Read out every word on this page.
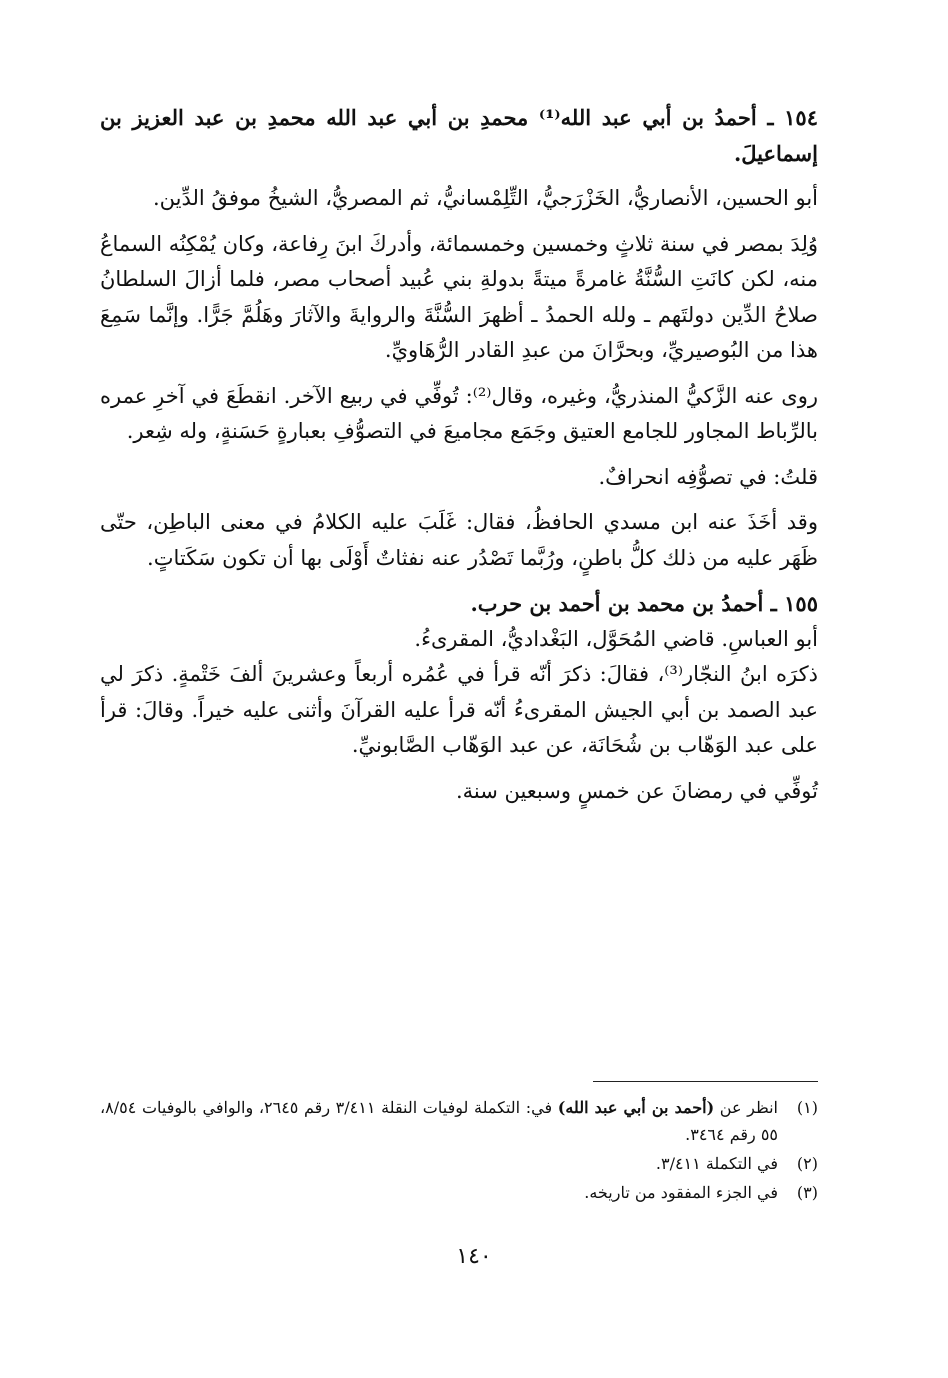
١٥٤ ـ أحمدُ بن أبي عبد الله⁽¹⁾ محمدِ بن أبي عبد الله محمدِ بن عبد العزيز بن إسماعيلَ.

أبو الحسين، الأنصاريُّ، الخَزْرَجيُّ، التِّلِمْسانيُّ، ثم المصريُّ، الشيخُ موفقُ الدِّين.

وُلِدَ بمصر في سنة ثلاثٍ وخمسين وخمسمائة، وأدركَ ابنَ رِفاعة، وكان يُمْكِنُه السماعُ منه، لكن كانَتِ السُّنَّةُ غامرةً ميتةً بدولةِ بني عُبيد أصحاب مصر، فلما أزالَ السلطانُ صلاحُ الدِّين دولتَهم ـ ولله الحمدُ ـ أظهرَ السُّنَّةَ والروايةَ والآثارَ وهَلُمَّ جَرًّا. وإنَّما سَمِعَ هذا من البُوصيريِّ، وبحرَّانَ من عبدِ القادر الرُّهَاويِّ.

روى عنه الزَّكيُّ المنذريُّ، وغيره، وقال⁽²⁾: تُوفِّي في ربيع الآخر. انقطَعَ في آخرِ عمره بالرِّباط المجاور للجامع العتيق وجَمَع مجاميعَ في التصوُّفِ بعبارةٍ حَسَنةٍ، وله شِعر.

قلتُ: في تصوُّفِه انحرافٌ.

وقد أخَذَ عنه ابن مسدي الحافظُ، فقال: غَلَبَ عليه الكلامُ في معنى الباطِن، حتّى ظَهَر عليه من ذلك كلُّ باطنٍ، ورُبَّما تَصْدُر عنه نفثاتٌ أَوْلَى بها أن تكون سَكَتاتٍ.

١٥٥ ـ أحمدُ بن محمد بن أحمد بن حرب.

أبو العباسِ. قاضي المُحَوَّل، البَغْداديُّ، المقرىءُ.

ذكرَه ابنُ النجّار⁽³⁾، فقالَ: ذكرَ أنّه قرأ في عُمُره أربعاً وعشرينَ ألفَ خَتْمةٍ. ذكرَ لي عبد الصمد بن أبي الجيش المقرىءُ أنّه قرأ عليه القرآنَ وأثنى عليه خيراً. وقالَ: قرأ على عبد الوَهّاب بن شُحَانَة، عن عبد الوَهّاب الصَّابونيِّ.

تُوفِّي في رمضانَ عن خمسٍ وسبعين سنة.

(١)
انظر عن (أحمد بن أبي عبد الله) في: التكملة لوفيات النقلة ٣/٤١١ رقم ٢٦٤٥، والوافي بالوفيات ٨/٥٤، ٥٥ رقم ٣٤٦٤.

(٢)
في التكملة ٣/٤١١.

(٣)
في الجزء المفقود من تاريخه.

١٤٠
